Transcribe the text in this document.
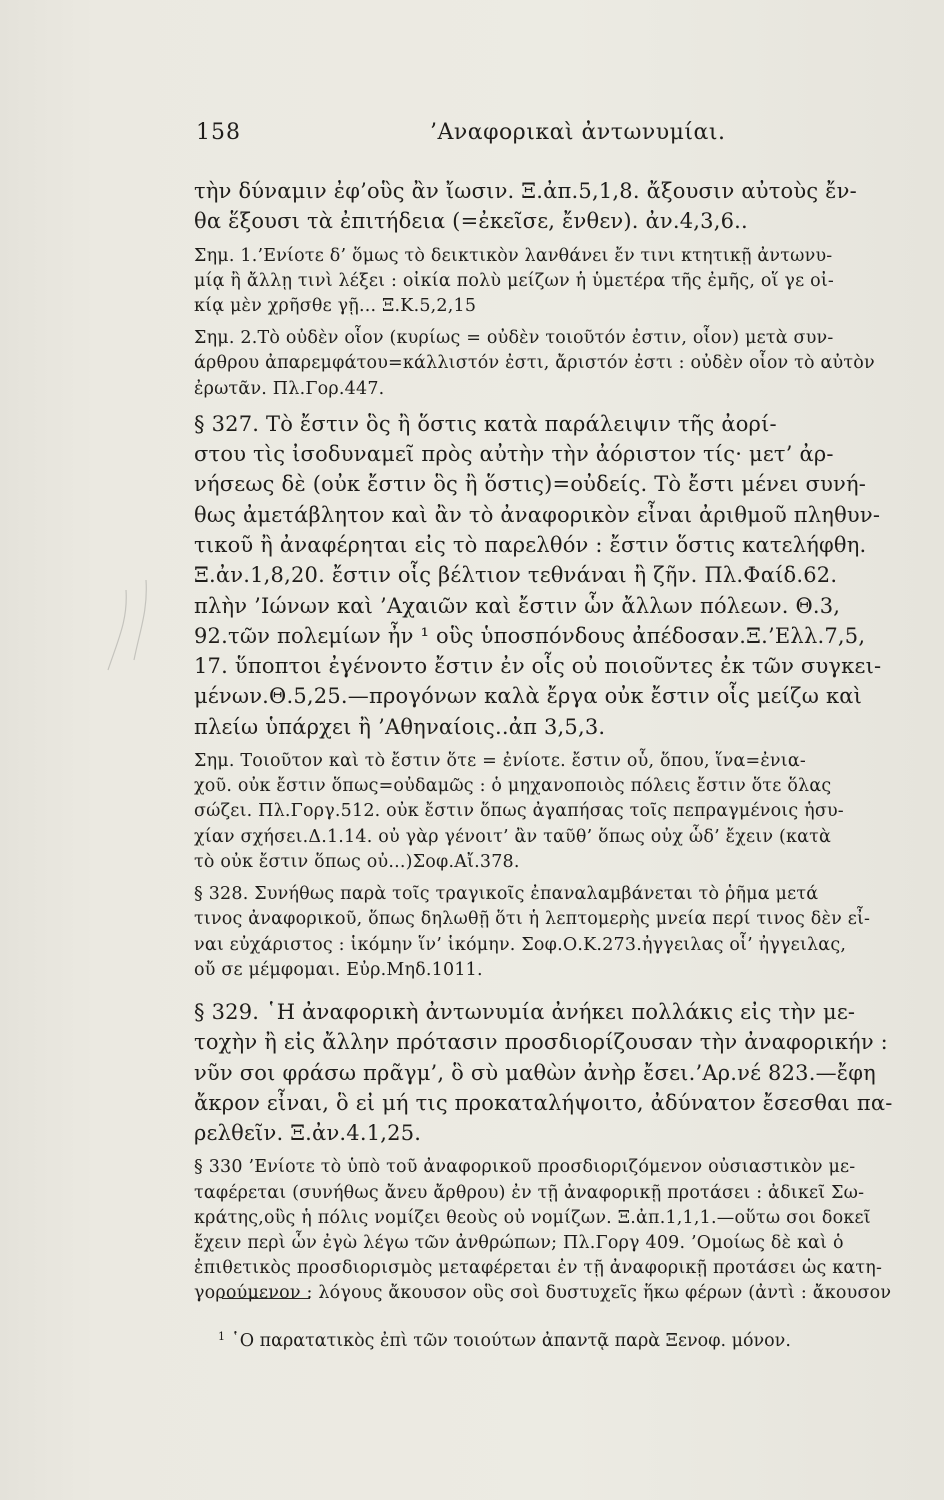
158	’Αναφορικαὶ ἀντωνυμίαι.
τὴν δύναμιν ἐφ’οὓς ἂν ἴωσιν. Ξ.ἀπ.5,1,8. ἄξουσιν αὐτοὺς ἔν-
θα ἕξουσι τὰ ἐπιτήδεια (=ἐκεῖσε, ἔνθεν). ἀν.4,3,6..
Σημ. 1.’Ενίοτε δ’ ὅμως τὸ δεικτικὸν λανθάνει ἔν τινι κτητικῇ ἀντωνυ-
μίᾳ ἢ ἄλλῃ τινὶ λέξει : οἰκία πολὺ μείζων ἡ ὑμετέρα τῆς ἐμῆς, οἵ γε οἰ-
κίᾳ μὲν χρῆσθε γῇ... Ξ.Κ.5,2,15
Σημ. 2.Τὸ οὐδὲν οἷον (κυρίως = οὐδὲν τοιοῦτόν ἐστιν, οἷον) μετὰ συν-
άρθρου ἀπαρεμφάτου=κάλλιστόν ἐστι, ἄριστόν ἐστι : οὐδὲν οἷον τὸ αὐτὸν
ἐρωτᾶν. Πλ.Γορ.447.
§ 327. Τὸ ἔστιν ὃς ἢ ὅστις κατὰ παράλειψιν τῆς ἀορί-
στου τὶς ἰσοδυναμεῖ πρὸς αὐτὴν τὴν ἀόριστον τίς· μετ’ ἀρ-
νήσεως δὲ (οὐκ ἔστιν ὃς ἢ ὅστις)=οὐδείς. Τὸ ἔστι μένει συνή-
θως ἀμετάβλητον καὶ ἂν τὸ ἀναφορικὸν εἶναι ἀριθμοῦ πληθυν-
τικοῦ ἢ ἀναφέρηται εἰς τὸ παρελθόν : ἔστιν ὅστις κατελήφθη.
Ξ.ἀν.1,8,20. ἔστιν οἷς βέλτιον τεθνάναι ἢ ζῆν. Πλ.Φαίδ.62.
πλὴν ’Ιώνων καὶ ’Αχαιῶν καὶ ἔστιν ὧν ἄλλων πόλεων. Θ.3,
92.τῶν πολεμίων ἦν ¹ οὓς ὑποσπόνδους ἀπέδοσαν.Ξ.’Ελλ.7,5,
17. ὕποπτοι ἐγένοντο ἔστιν ἐν οἷς οὐ ποιοῦντες ἐκ τῶν συγκει-
μένων.Θ.5,25.—προγόνων καλὰ ἔργα οὐκ ἔστιν οἷς μείζω καὶ
πλείω ὑπάρχει ἢ ’Αθηναίοις..ἀπ 3,5,3.
Σημ. Τοιοῦτον καὶ τὸ ἔστιν ὅτε = ἐνίοτε. ἔστιν οὗ, ὅπου, ἵνα=ἐνια-
χοῦ. οὐκ ἔστιν ὅπως=οὐδαμῶς : ὁ μηχανοποιὸς πόλεις ἔστιν ὅτε ὅλας
σώζει. Πλ.Γοργ.512. οὐκ ἔστιν ὅπως ἀγαπήσας τοῖς πεπραγμένοις ἡσυ-
χίαν σχήσει.Δ.1.14. οὐ γὰρ γένοιτ’ ἂν ταῦθ’ ὅπως οὐχ ὧδ’ ἔχειν (κατὰ
τὸ οὐκ ἔστιν ὅπως οὐ...)Σοφ.Αἴ.378.
§ 328. Συνήθως παρὰ τοῖς τραγικοῖς ἐπαναλαμβάνεται τὸ ῥῆμα μετά
τινος ἀναφορικοῦ, ὅπως δηλωθῇ ὅτι ἡ λεπτομερὴς μνεία περί τινος δὲν εἶ-
ναι εὐχάριστος : ἱκόμην ἵν’ ἱκόμην. Σοφ.Ο.Κ.273.ἠγγειλας οἷ’ ἠγγειλας,
οὔ σε μέμφομαι. Εὐρ.Μηδ.1011.
§ 329. ῾Η ἀναφορικὴ ἀντωνυμία ἀνήκει πολλάκις εἰς τὴν με-
τοχὴν ἢ εἰς ἄλλην πρότασιν προσδιορίζουσαν τὴν ἀναφορικήν :
νῦν σοι φράσω πρᾶγμ’, ὃ σὺ μαθὼν ἀνὴρ ἔσει.’Αρ.νέ 823.—ἔφη
ἄκρον εἶναι, ὃ εἰ μή τις προκαταλήψοιτο, ἀδύνατον ἔσεσθαι πα-
ρελθεῖν. Ξ.ἀν.4.1,25.
§ 330 ’Ενίοτε τὸ ὑπὸ τοῦ ἀναφορικοῦ προσδιοριζόμενον οὐσιαστικὸν με-
ταφέρεται (συνήθως ἄνευ ἄρθρου) ἐν τῇ ἀναφορικῇ προτάσει : ἀδικεῖ Σω-
κράτης,οὓς ἡ πόλις νομίζει θεοὺς οὐ νομίζων. Ξ.ἀπ.1,1,1.—οὕτω σοι δοκεῖ
ἔχειν περὶ ὧν ἐγὼ λέγω τῶν ἀνθρώπων; Πλ.Γοργ 409. ’Ομοίως δὲ καὶ ὁ
ἐπιθετικὸς προσδιορισμὸς μεταφέρεται ἐν τῇ ἀναφορικῇ προτάσει ὡς κατη-
γορούμενον : λόγους ἄκουσον οὓς σοὶ δυστυχεῖς ἥκω φέρων (ἀντὶ : ἄκουσον
$^1$ ῾Ο παρατατικὸς ἐπὶ τῶν τοιούτων ἀπαντᾷ παρὰ Ξενοφ. μόνον.
